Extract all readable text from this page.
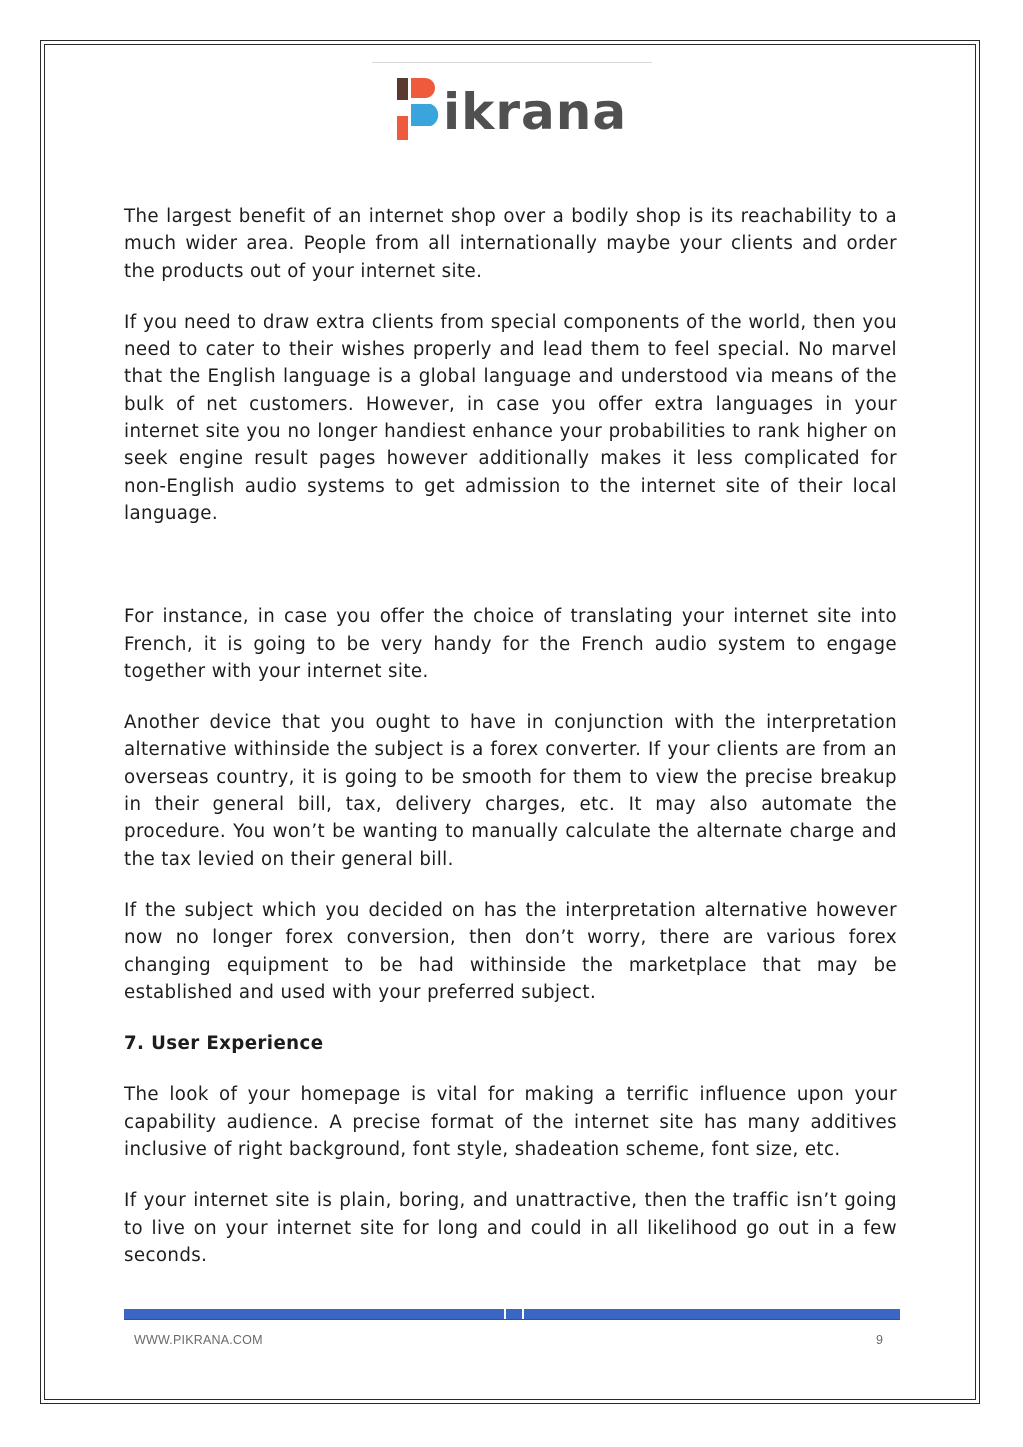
ikrana

The largest benefit of an internet shop over a bodily shop is its reachability to a much wider area. People from all internationally maybe your clients and order the products out of your internet site.

If you need to draw extra clients from special components of the world, then you need to cater to their wishes properly and lead them to feel special. No marvel that the English language is a global language and understood via means of the bulk of net customers. However, in case you offer extra languages in your internet site you no longer handiest enhance your probabilities to rank higher on seek engine result pages however additionally makes it less complicated for non-English audio systems to get admission to the internet site of their local language.

For instance, in case you offer the choice of translating your internet site into French, it is going to be very handy for the French audio system to engage together with your internet site.

Another device that you ought to have in conjunction with the interpretation alternative withinside the subject is a forex converter. If your clients are from an overseas country, it is going to be smooth for them to view the precise breakup in their general bill, tax, delivery charges, etc. It may also automate the procedure. You won’t be wanting to manually calculate the alternate charge and the tax levied on their general bill.

If the subject which you decided on has the interpretation alternative however now no longer forex conversion, then don’t worry, there are various forex changing equipment to be had withinside the marketplace that may be established and used with your preferred subject.

7. User Experience

The look of your homepage is vital for making a terrific influence upon your capability audience. A precise format of the internet site has many additives inclusive of right background, font style, shadeation scheme, font size, etc.

If your internet site is plain, boring, and unattractive, then the traffic isn’t going to live on your internet site for long and could in all likelihood go out in a few seconds.

WWW.PIKRANA.COM	9
